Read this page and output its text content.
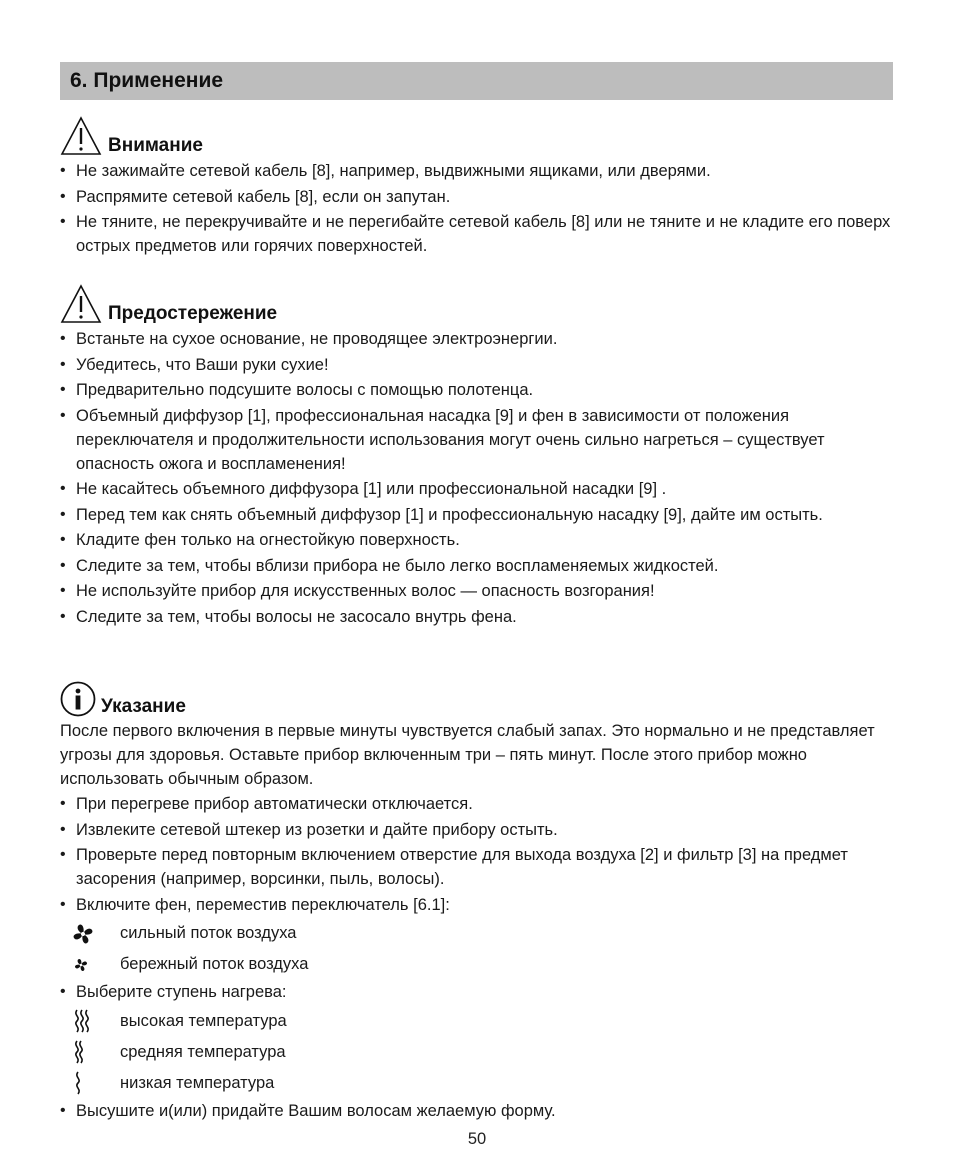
6. Применение
Внимание
• Не зажимайте сетевой кабель [8], например, выдвижными ящиками, или дверями.
• Распрямите сетевой кабель [8], если он запутан.
• Не тяните, не перекручивайте и не перегибайте сетевой кабель [8] или не тяните и не кладите его поверх острых предметов или горячих поверхностей.
Предостережение
• Встаньте на сухое основание, не проводящее электроэнергии.
• Убедитесь, что Ваши руки сухие!
• Предварительно подсушите волосы с помощью полотенца.
• Объемный диффузор [1], профессиональная насадка [9] и фен в зависимости от положения переключателя и продолжительности использования могут очень сильно нагреться – существует опасность ожога и воспламенения!
• Не касайтесь объемного диффузора [1] или профессиональной насадки [9] .
• Перед тем как снять объемный диффузор [1] и профессиональную насадку [9], дайте им остыть.
• Кладите фен только на огнестойкую поверхность.
• Следите за тем, чтобы вблизи прибора не было легко воспламеняемых жидкостей.
• Не используйте прибор для искусственных волос — опасность возгорания!
• Следите за тем, чтобы волосы не засосало внутрь фена.
Указание

После первого включения в первые минуты чувствуется слабый запах. Это нормально и не представляет угрозы для здоровья. Оставьте прибор включенным три – пять минут. После этого прибор можно использовать обычным образом.

• При перегреве прибор автоматически отключается.
• Извлеките сетевой штекер из розетки и дайте прибору остыть.
• Проверьте перед повторным включением отверстие для выхода воздуха [2] и фильтр [3] на предмет засорения (например, ворсинки, пыль, волосы).
• Включите фен, переместив переключатель [6.1]:
сильный поток воздуха
бережный поток воздуха
• Выберите ступень нагрева:
высокая температура
средняя температура
низкая температура
• Высушите и(или) придайте Вашим волосам желаемую форму.
50
